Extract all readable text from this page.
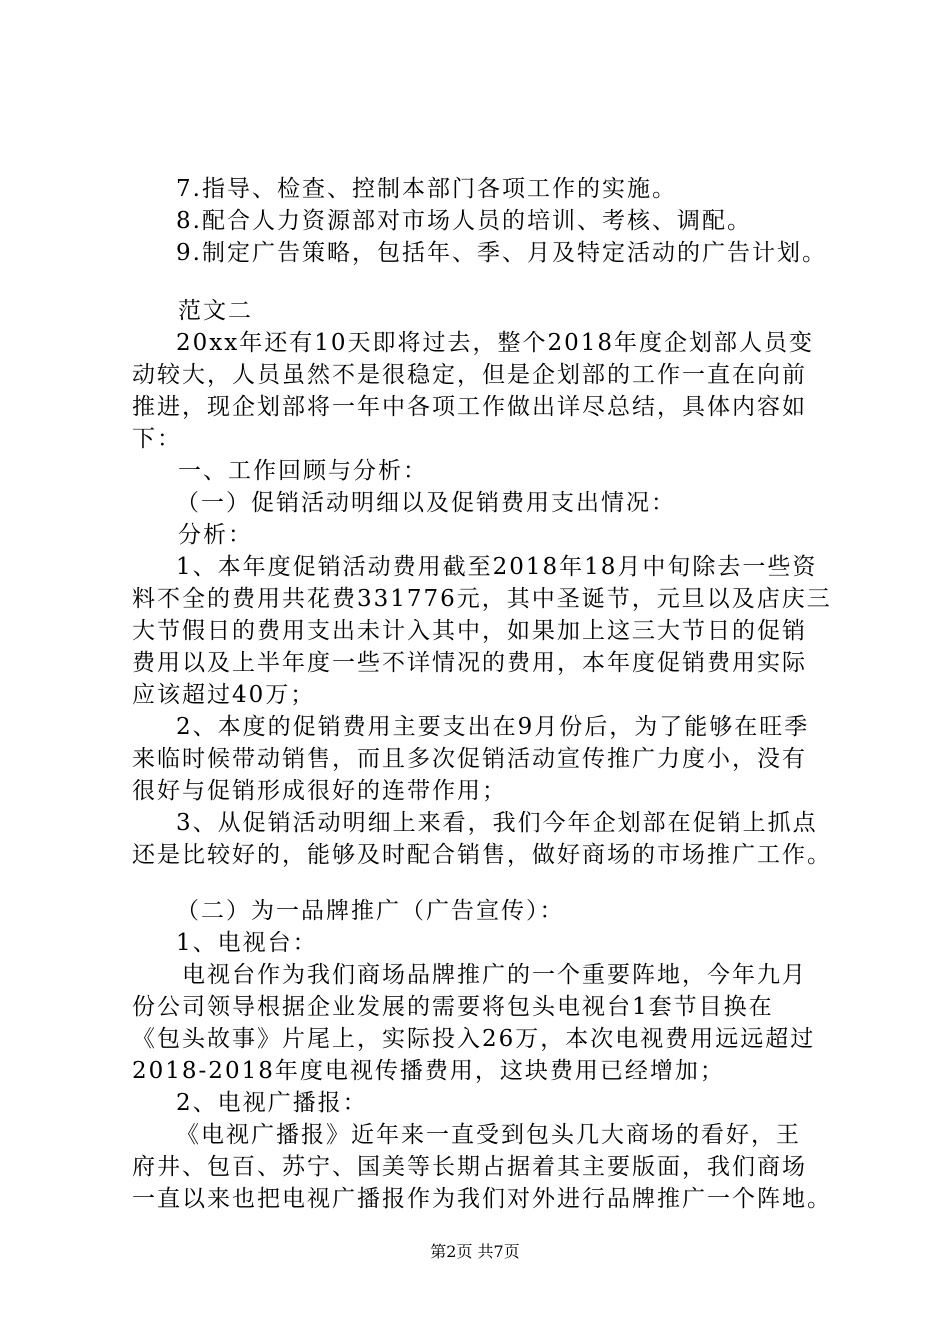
7.指导、检查、控制本部门各项工作的实施。
8.配合人力资源部对市场人员的培训、考核、调配。
9.制定广告策略，包括年、季、月及特定活动的广告计划。
范文二
20xx年还有10天即将过去，整个2018年度企划部人员变
动较大，人员虽然不是很稳定，但是企划部的工作一直在向前
推进，现企划部将一年中各项工作做出详尽总结，具体内容如
下：
一、工作回顾与分析：
（一）促销活动明细以及促销费用支出情况：
分析：
1、本年度促销活动费用截至2018年18月中旬除去一些资
料不全的费用共花费331776元，其中圣诞节，元旦以及店庆三
大节假日的费用支出未计入其中，如果加上这三大节日的促销
费用以及上半年度一些不详情况的费用，本年度促销费用实际
应该超过40万；
2、本度的促销费用主要支出在9月份后，为了能够在旺季
来临时候带动销售，而且多次促销活动宣传推广力度小，没有
很好与促销形成很好的连带作用；
3、从促销活动明细上来看，我们今年企划部在促销上抓点
还是比较好的，能够及时配合销售，做好商场的市场推广工作。
（二）为一品牌推广（广告宣传）：
1、电视台：
电视台作为我们商场品牌推广的一个重要阵地，今年九月
份公司领导根据企业发展的需要将包头电视台1套节目换在
《包头故事》片尾上，实际投入26万，本次电视费用远远超过
2018-2018年度电视传播费用，这块费用已经增加；
2、电视广播报：
《电视广播报》近年来一直受到包头几大商场的看好，王
府井、包百、苏宁、国美等长期占据着其主要版面，我们商场
一直以来也把电视广播报作为我们对外进行品牌推广一个阵地。
第2页 共7页
